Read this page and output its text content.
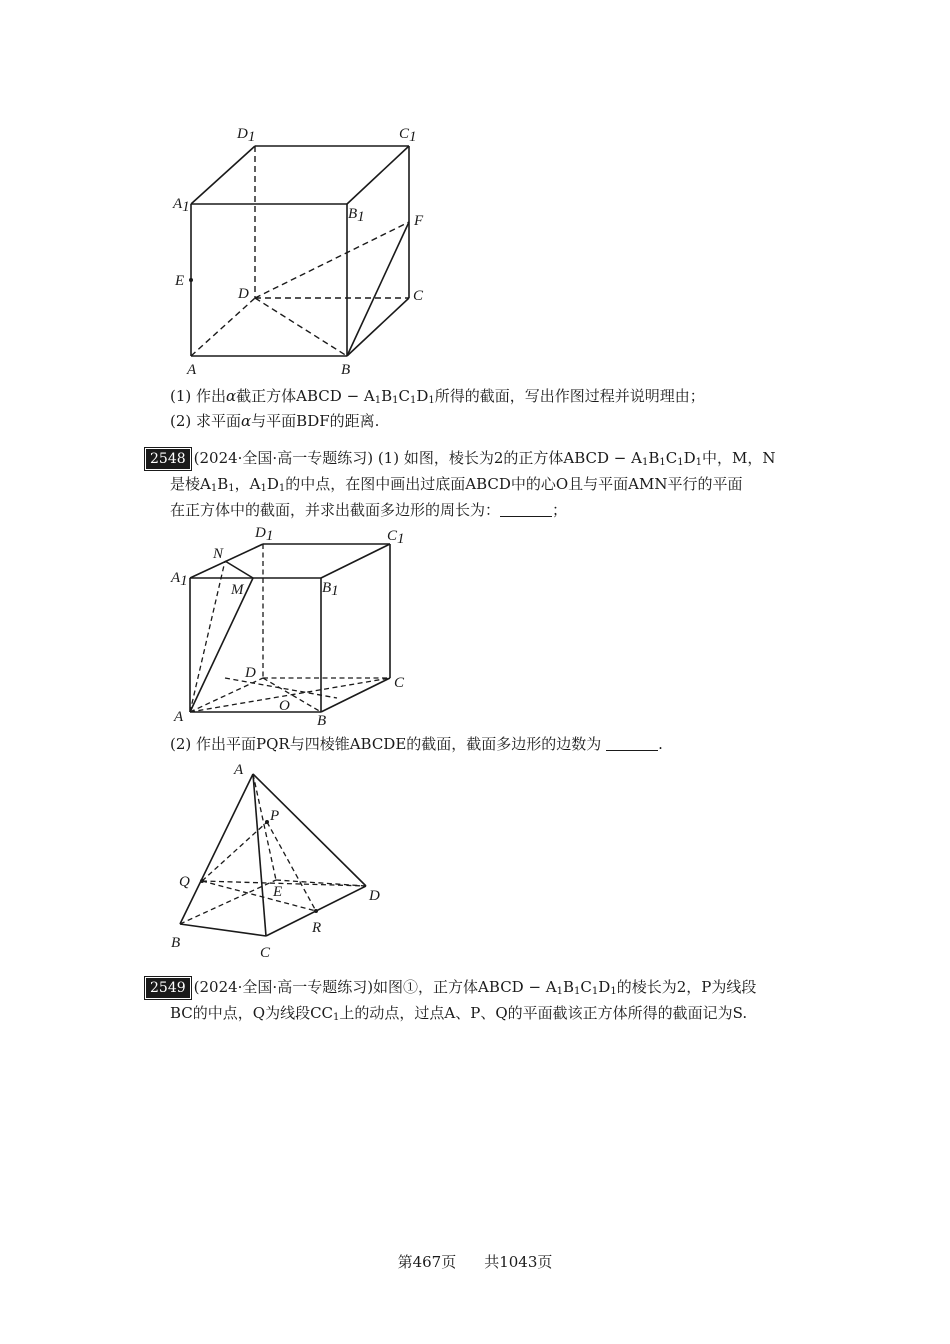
D1	C1
A1	B1	F
E
D	C
A	B
(1) 作出α截正方体ABCD − A1B1C1D1所得的截面，写出作图过程并说明理由；
(2) 求平面α与平面BDF的距离.
2548 (2024·全国·高一专题练习) (1) 如图，棱长为2的正方体ABCD − A1B1C1D1中，M，N
是棱A1B1，A1D1的中点，在图中画出过底面ABCD中的心O且与平面AMN平行的平面
在正方体中的截面，并求出截面多边形的周长为：	；
D1	C1
N
A1
M	B1
D
C
A
O
B
(2) 作出平面PQR与四棱锥ABCDE的截面，截面多边形的边数为	.
A
P
Q
E	D
R
B
C
2549 (2024·全国·高一专题练习)如图①，正方体ABCD − A1B1C1D1的棱长为2，P为线段
BC的中点，Q为线段CC1上的动点，过点A、P、Q的平面截该正方体所得的截面记为S.
第467页 共1043页
